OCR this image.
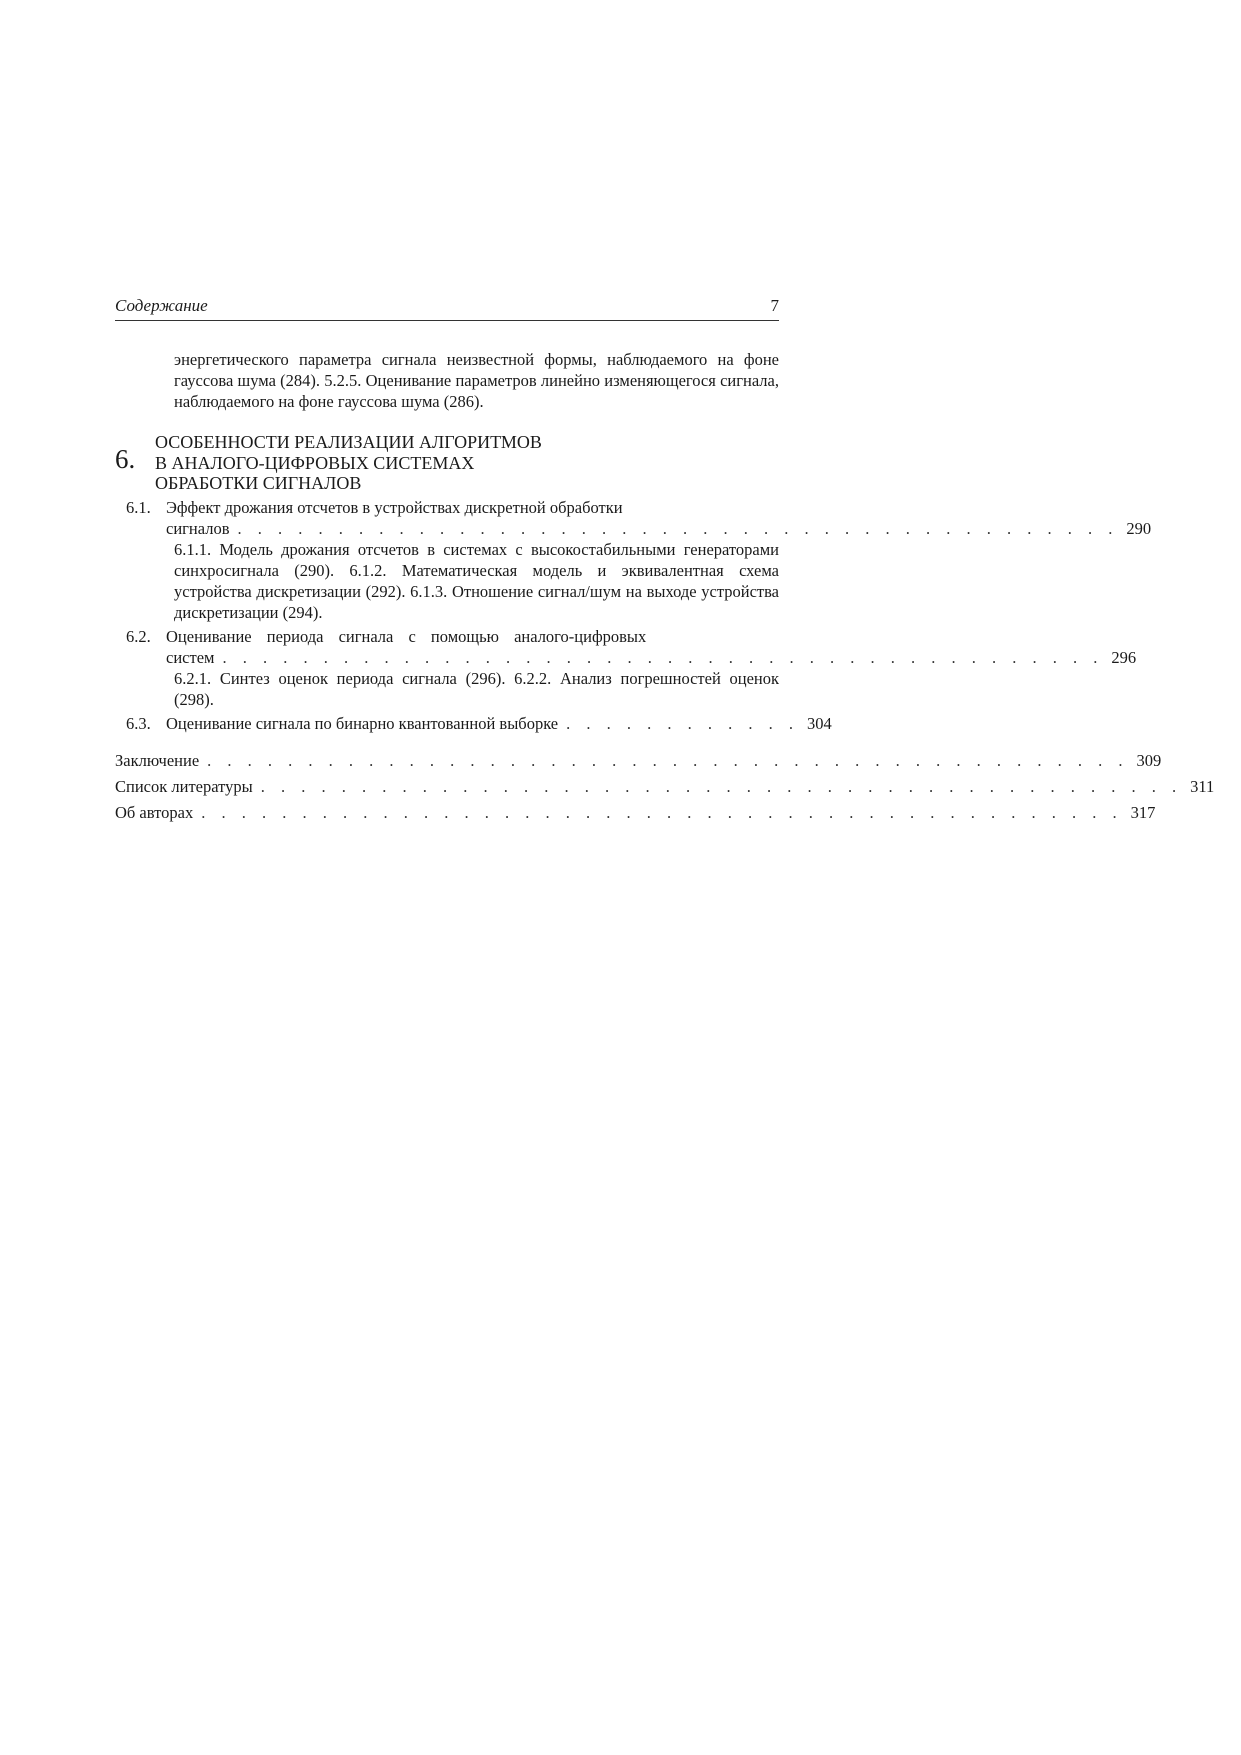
Содержание	7
энергетического параметра сигнала неизвестной формы, наблюдаемого на фоне гауссова шума (284). 5.2.5. Оценивание параметров линейно изменяющегося сигнала, наблюдаемого на фоне гауссова шума (286).
6.
ОСОБЕННОСТИ РЕАЛИЗАЦИИ АЛГОРИТМОВ
В АНАЛОГО-ЦИФРОВЫХ СИСТЕМАХ
ОБРАБОТКИ СИГНАЛОВ
6.1. Эффект дрожания отсчетов в устройствах дискретной обработки
сигналов . . . . . . . . . . . . . . . . . . . . . . . . . . . . . . . . . . . . . . . . . . . . 290
6.1.1. Модель дрожания отсчетов в системах с высокостабильными генераторами синхросигнала (290). 6.1.2. Математическая модель и эквивалентная схема устройства дискретизации (292). 6.1.3. Отношение сигнал/шум на выходе устройства дискретизации (294).
6.2. Оценивание периода сигнала с помощью аналого-цифровых
систем . . . . . . . . . . . . . . . . . . . . . . . . . . . . . . . . . . . . . . . . . . . . 296
6.2.1. Синтез оценок периода сигнала (296). 6.2.2. Анализ погрешностей оценок (298).
6.3. Оценивание сигнала по бинарно квантованной выборке . . . . . . . . . . . . 304
Заключение . . . . . . . . . . . . . . . . . . . . . . . . . . . . . . . . . . . . . . . . . . . . . . 309
Список литературы . . . . . . . . . . . . . . . . . . . . . . . . . . . . . . . . . . . . . . . . . . . . . . 311
Об авторах . . . . . . . . . . . . . . . . . . . . . . . . . . . . . . . . . . . . . . . . . . . . . . 317
